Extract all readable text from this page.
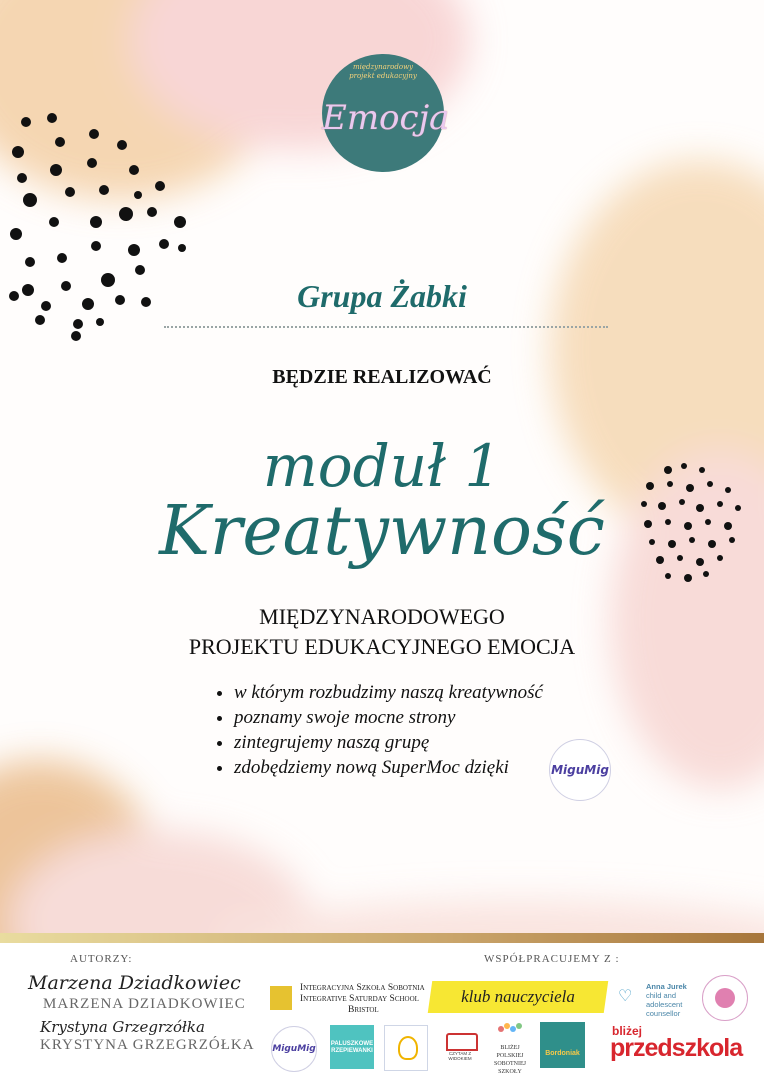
międzynarodowy
projekt edukacyjny
Emocja
Grupa Żabki
BĘDZIE REALIZOWAĆ
moduł 1
Kreatywność
MIĘDZYNARODOWEGO
PROJEKTU EDUKACYJNEGO EMOCJA
• w którym rozbudzimy naszą kreatywność
• poznamy swoje mocne strony
• zintegrujemy naszą grupę
• zdobędziemy nową SuperMoc dzięki	MiguMig
AUTORZY:
Marzena Dziadkowiec
MARZENA DZIADKOWIEC
Krystyna Grzegrzółka
KRYSTYNA GRZEGRZÓŁKA
WSPÓŁPRACUJEMY Z :
Integracyjna Szkoła Sobotnia
Integrative Saturday School
Bristol
klub nauczyciela	♡
Anna Jurek
child and adolescent
counsellor
MiguMig	PALUSZKOWE
RZEPIEWANKI	CZYTAM Z WIDOKIEM
BLIŻEJ POLSKIEJ
SOBOTNIEJ SZKOŁY
Bordoniak
bliżej
przedszkola
